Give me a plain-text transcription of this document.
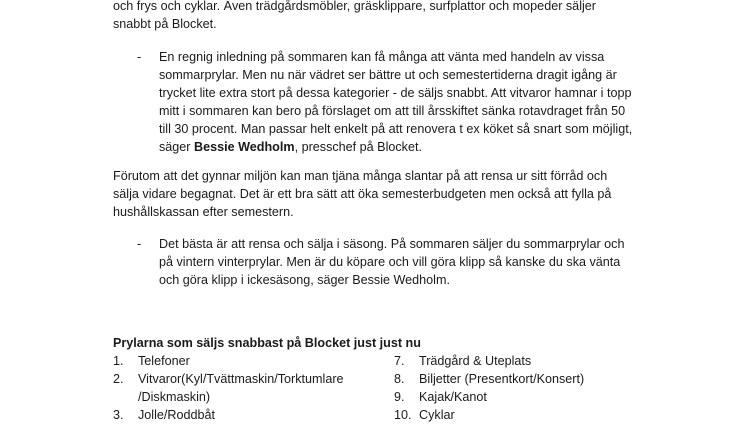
och frys och cyklar. Även trädgårdsmöbler, gräsklippare, surfplattor och mopeder säljer
snabbt på Blocket.

- En regnig inledning på sommaren kan få många att vänta med handeln av vissa sommarprylar. Men nu när vädret ser bättre ut och semestertiderna dragit igång är trycket lite extra stort på dessa kategorier - de säljs snabbt. Att vitvaror hamnar i topp mitt i sommaren kan bero på förslaget om att till årsskiftet sänka rotavdraget från 50 till 30 procent. Man passar helt enkelt på att renovera t ex köket så snart som möjligt, säger Bessie Wedholm, presschef på Blocket.

Förutom att det gynnar miljön kan man tjäna många slantar på att rensa ur sitt förråd och sälja vidare begagnat. Det är ett bra sätt att öka semesterbudgeten men också att fylla på hushållskassan efter semestern.

- Det bästa är att rensa och sälja i säsong. På sommaren säljer du sommarprylar och på vintern vinterprylar. Men är du köpare och vill göra klipp så kanske du ska vänta och göra klipp i ickesäsong, säger Bessie Wedholm.

Prylarna som säljs snabbast på Blocket just just nu

1. Telefoner
2. Vitvaror(Kyl/Tvättmaskin/Torktumlare /Diskmaskin)
3. Jolle/Roddbåt
7. Trädgård & Uteplats
8. Biljetter (Presentkort/Konsert)
9. Kajak/Kanot
10. Cyklar
